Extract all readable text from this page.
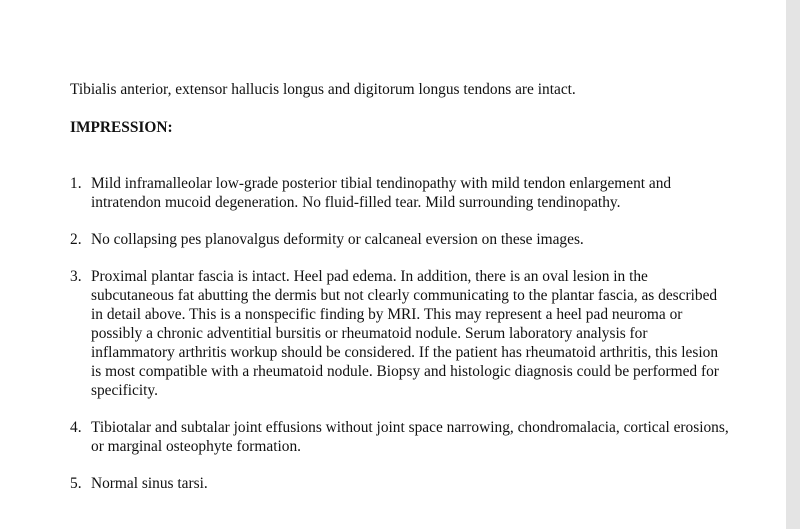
Tibialis anterior, extensor hallucis longus and digitorum longus tendons are intact.

IMPRESSION:

1. Mild inframalleolar low-grade posterior tibial tendinopathy with mild tendon enlargement and intratendon mucoid degeneration. No fluid-filled tear. Mild surrounding tendinopathy.
2. No collapsing pes planovalgus deformity or calcaneal eversion on these images.
3. Proximal plantar fascia is intact. Heel pad edema. In addition, there is an oval lesion in the subcutaneous fat abutting the dermis but not clearly communicating to the plantar fascia, as described in detail above. This is a nonspecific finding by MRI. This may represent a heel pad neuroma or possibly a chronic adventitial bursitis or rheumatoid nodule. Serum laboratory analysis for inflammatory arthritis workup should be considered. If the patient has rheumatoid arthritis, this lesion is most compatible with a rheumatoid nodule. Biopsy and histologic diagnosis could be performed for specificity.
4. Tibiotalar and subtalar joint effusions without joint space narrowing, chondromalacia, cortical erosions, or marginal osteophyte formation.
5. Normal sinus tarsi.
